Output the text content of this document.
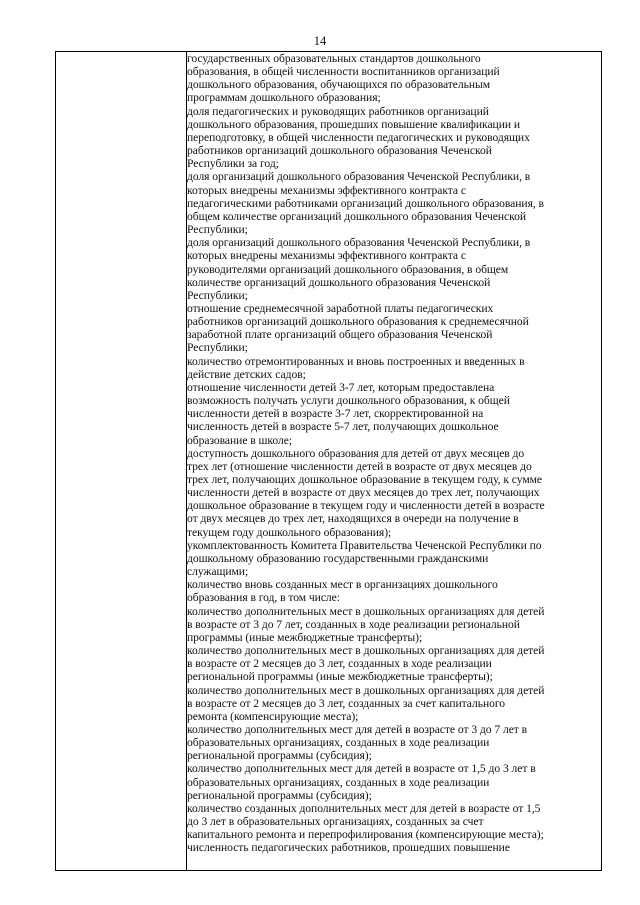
14

государственных образовательных стандартов дошкольного
образования, в общей численности воспитанников организаций
дошкольного образования, обучающихся по образовательным
программам дошкольного образования;
доля педагогических и руководящих работников организаций
дошкольного образования, прошедших повышение квалификации и
переподготовку, в общей численности педагогических и руководящих
работников организаций дошкольного образования Чеченской
Республики за год;
доля организаций дошкольного образования Чеченской Республики, в
которых внедрены механизмы эффективного контракта с
педагогическими работниками организаций дошкольного образования, в
общем количестве организаций дошкольного образования Чеченской
Республики;
доля организаций дошкольного образования Чеченской Республики, в
которых внедрены механизмы эффективного контракта с
руководителями организаций дошкольного образования, в общем
количестве организаций дошкольного образования Чеченской
Республики;
отношение среднемесячной заработной платы педагогических
работников организаций дошкольного образования к среднемесячной
заработной плате организаций общего образования Чеченской
Республики;
количество отремонтированных и вновь построенных и введенных в
действие детских садов;
отношение численности детей 3-7 лет, которым предоставлена
возможность получать услуги дошкольного образования, к общей
численности детей в возрасте 3-7 лет, скорректированной на
численность детей в возрасте 5-7 лет, получающих дошкольное
образование в школе;
доступность дошкольного образования для детей от двух месяцев до
трех лет (отношение численности детей в возрасте от двух месяцев до
трех лет, получающих дошкольное образование в текущем году, к сумме
численности детей в возрасте от двух месяцев до трех лет, получающих
дошкольное образование в текущем году и численности детей в возрасте
от двух месяцев до трех лет, находящихся в очереди на получение в
текущем году дошкольного образования);
укомплектованность Комитета Правительства Чеченской Республики по
дошкольному образованию государственными гражданскими
служащими;
количество вновь созданных мест в организациях дошкольного
образования в год, в том числе:
количество дополнительных мест в дошкольных организациях для детей
в возрасте от 3 до 7 лет, созданных в ходе реализации региональной
программы (иные межбюджетные трансферты);
количество дополнительных мест в дошкольных организациях для детей
в возрасте от 2 месяцев до 3 лет, созданных в ходе реализации
региональной программы (иные межбюджетные трансферты);
количество дополнительных мест в дошкольных организациях для детей
в возрасте от 2 месяцев до 3 лет, созданных за счет капитального
ремонта (компенсирующие места);
количество дополнительных мест для детей в возрасте от 3 до 7 лет в
образовательных организациях, созданных в ходе реализации
региональной программы (субсидия);
количество дополнительных мест для детей в возрасте от 1,5 до 3 лет в
образовательных организациях, созданных в ходе реализации
региональной программы (субсидия);
количество созданных дополнительных мест для детей в возрасте от 1,5
до 3 лет в образовательных организациях, созданных за счет
капитального ремонта и перепрофилирования (компенсирующие места);
численность педагогических работников, прошедших повышение
